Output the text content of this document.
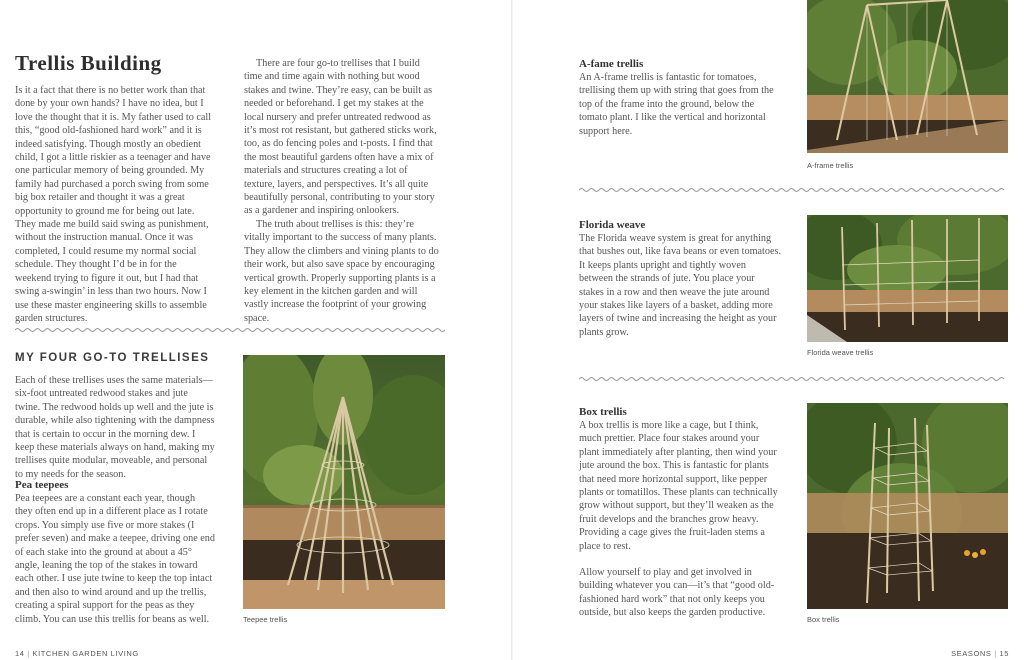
Trellis Building

Is it a fact that there is no better work than that done by your own hands? I have no idea, but I love the thought that it is. My father used to call this, “good old-fashioned hard work” and it is indeed satisfying. Though mostly an obedient child, I got a little riskier as a teenager and have one particular memory of being grounded. My family had purchased a porch swing from some big box retailer and thought it was a great opportunity to ground me for being out late. They made me build said swing as punishment, without the instruction manual. Once it was completed, I could resume my normal social schedule. They thought I’d be in for the weekend trying to figure it out, but I had that swing a-swingin’ in less than two hours. Now I use these master engineering skills to assemble garden structures.

There are four go-to trellises that I build time and time again with nothing but wood stakes and twine. They’re easy, can be built as needed or beforehand. I get my stakes at the local nursery and prefer untreated redwood as it’s most rot resistant, but gathered sticks work, too, as do fencing poles and t-posts. I find that the most beautiful gardens often have a mix of materials and structures creating a lot of texture, layers, and perspectives. It’s all quite beautifully personal, contributing to your story as a gardener and inspiring onlookers.

The truth about trellises is this: they’re vitally important to the success of many plants. They allow the climbers and vining plants to do their work, but also save space by encouraging vertical growth. Properly supporting plants is a key element in the kitchen garden and will vastly increase the footprint of your growing space.

MY FOUR GO-TO TRELLISES

Each of these trellises uses the same materials—six-foot untreated redwood stakes and jute twine. The redwood holds up well and the jute is durable, while also tightening with the dampness that is certain to occur in the morning dew. I keep these materials always on hand, making my trellises quite modular, moveable, and personal to my needs for the season.

Pea teepees

Pea teepees are a constant each year, though they often end up in a different place as I rotate crops. You simply use five or more stakes (I prefer seven) and make a teepee, driving one end of each stake into the ground at about a 45° angle, leaning the top of the stakes in toward each other. I use jute twine to keep the top intact and then also to wind around and up the trellis, creating a spiral support for the peas as they climb. You can use this trellis for beans as well.	Teepee trellis

14 | KITCHEN GARDEN LIVING
A-fame trellis

An A-frame trellis is fantastic for tomatoes, trellising them up with string that goes from the top of the frame into the ground, below the tomato plant. I like the vertical and horizontal support here.

A-frame trellis

Florida weave

The Florida weave system is great for anything that bushes out, like fava beans or even tomatoes. It keeps plants upright and tightly woven between the strands of jute. You place your stakes in a row and then weave the jute around your stakes like layers of a basket, adding more layers of twine and increasing the height as your plants grow.

Florida weave trellis

Box trellis

A box trellis is more like a cage, but I think, much prettier. Place four stakes around your plant immediately after planting, then wind your jute around the box. This is fantastic for plants that need more horizontal support, like pepper plants or tomatillos. These plants can technically grow without support, but they’ll weaken as the fruit develops and the branches grow heavy. Providing a cage gives the fruit-laden stems a place to rest.

Allow yourself to play and get involved in building whatever you can—it’s that “good old-fashioned hard work” that not only keeps you outside, but also keeps the garden productive.

Box trellis

SEASONS | 15
